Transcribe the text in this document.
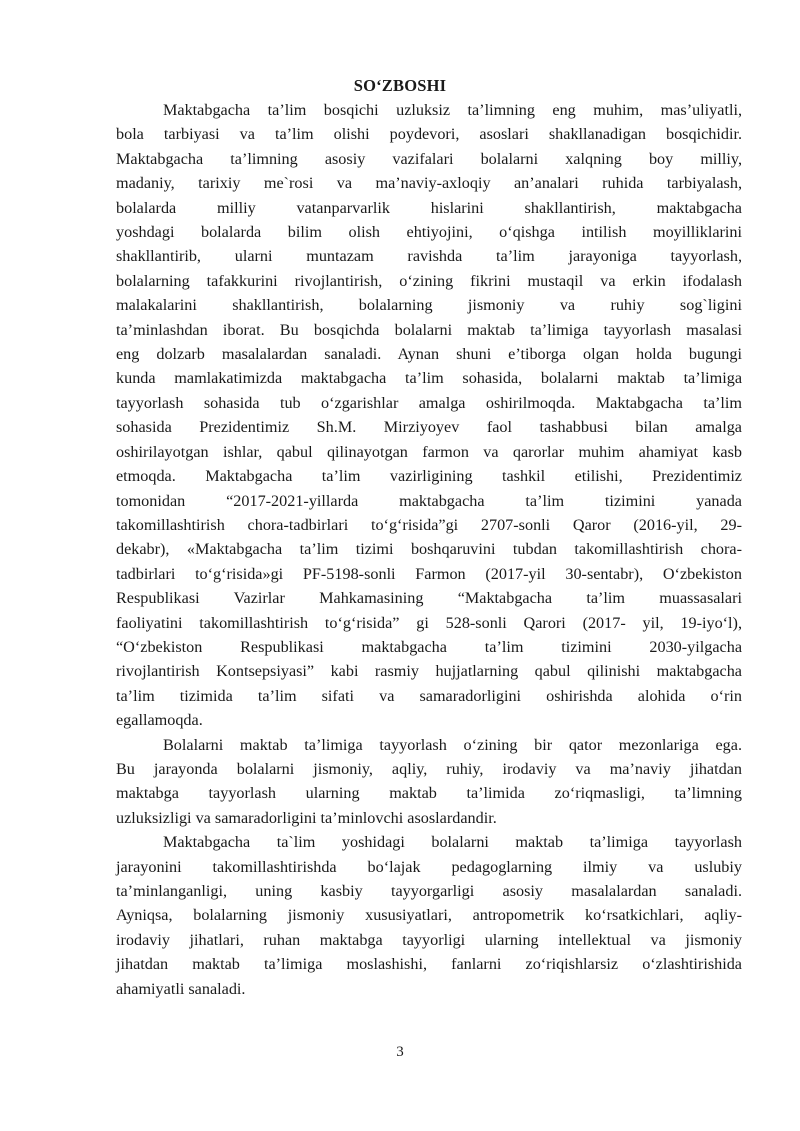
SO‘ZBOSHI

Maktabgacha ta’lim bosqichi uzluksiz ta’limning eng muhim, mas’uliyatli,
bola tarbiyasi va ta’lim olishi poydevori, asoslari shakllanadigan bosqichidir.
Maktabgacha ta’limning asosiy vazifalari bolalarni xalqning boy milliy,
madaniy, tarixiy me`rosi va ma’naviy-axloqiy an’analari ruhida tarbiyalash,
bolalarda milliy vatanparvarlik hislarini shakllantirish, maktabgacha
yoshdagi bolalarda bilim olish ehtiyojini, o‘qishga intilish moyilliklarini
shakllantirib, ularni muntazam ravishda ta’lim jarayoniga tayyorlash,
bolalarning tafakkurini rivojlantirish, o‘zining fikrini mustaqil va erkin ifodalash
malakalarini shakllantirish, bolalarning jismoniy va ruhiy sog`ligini
ta’minlashdan iborat. Bu bosqichda bolalarni maktab ta’limiga tayyorlash masalasi
eng dolzarb masalalardan sanaladi. Aynan shuni e’tiborga olgan holda bugungi
kunda mamlakatimizda maktabgacha ta’lim sohasida, bolalarni maktab ta’limiga
tayyorlash sohasida tub o‘zgarishlar amalga oshirilmoqda. Maktabgacha ta’lim
sohasida Prezidentimiz Sh.M. Mirziyoyev faol tashabbusi bilan amalga
oshirilayotgan ishlar, qabul qilinayotgan farmon va qarorlar muhim ahamiyat kasb
etmoqda. Maktabgacha ta’lim vazirligining tashkil etilishi, Prezidentimiz
tomonidan “2017-2021-yillarda maktabgacha ta’lim tizimini yanada
takomillashtirish chora-tadbirlari to‘g‘risida”gi 2707-sonli Qaror (2016-yil, 29-
dekabr), «Maktabgacha ta’lim tizimi boshqaruvini tubdan takomillashtirish chora-
tadbirlari to‘g‘risida»gi PF-5198-sonli Farmon (2017-yil 30-sentabr), O‘zbekiston
Respublikasi Vazirlar Mahkamasining “Maktabgacha ta’lim muassasalari
faoliyatini takomillashtirish to‘g‘risida” gi 528-sonli Qarori (2017- yil, 19-iyo‘l),
“O‘zbekiston Respublikasi maktabgacha ta’lim tizimini 2030-yilgacha
rivojlantirish Kontsepsiyasi” kabi rasmiy hujjatlarning qabul qilinishi maktabgacha
ta’lim tizimida ta’lim sifati va samaradorligini oshirishda alohida o‘rin
egallamoqda.

Bolalarni maktab ta’limiga tayyorlash o‘zining bir qator mezonlariga ega.
Bu jarayonda bolalarni jismoniy, aqliy, ruhiy, irodaviy va ma’naviy jihatdan
maktabga tayyorlash ularning maktab ta’limida zo‘riqmasligi, ta’limning
uzluksizligi va samaradorligini ta’minlovchi asoslardandir.

Maktabgacha ta`lim yoshidagi bolalarni maktab ta’limiga tayyorlash
jarayonini takomillashtirishda bo‘lajak pedagoglarning ilmiy va uslubiy
ta’minlanganligi, uning kasbiy tayyorgarligi asosiy masalalardan sanaladi.
Ayniqsa, bolalarning jismoniy xususiyatlari, antropometrik ko‘rsatkichlari, aqliy-
irodaviy jihatlari, ruhan maktabga tayyorligi ularning intellektual va jismoniy
jihatdan maktab ta’limiga moslashishi, fanlarni zo‘riqishlarsiz o‘zlashtirishida
ahamiyatli sanaladi.

3
